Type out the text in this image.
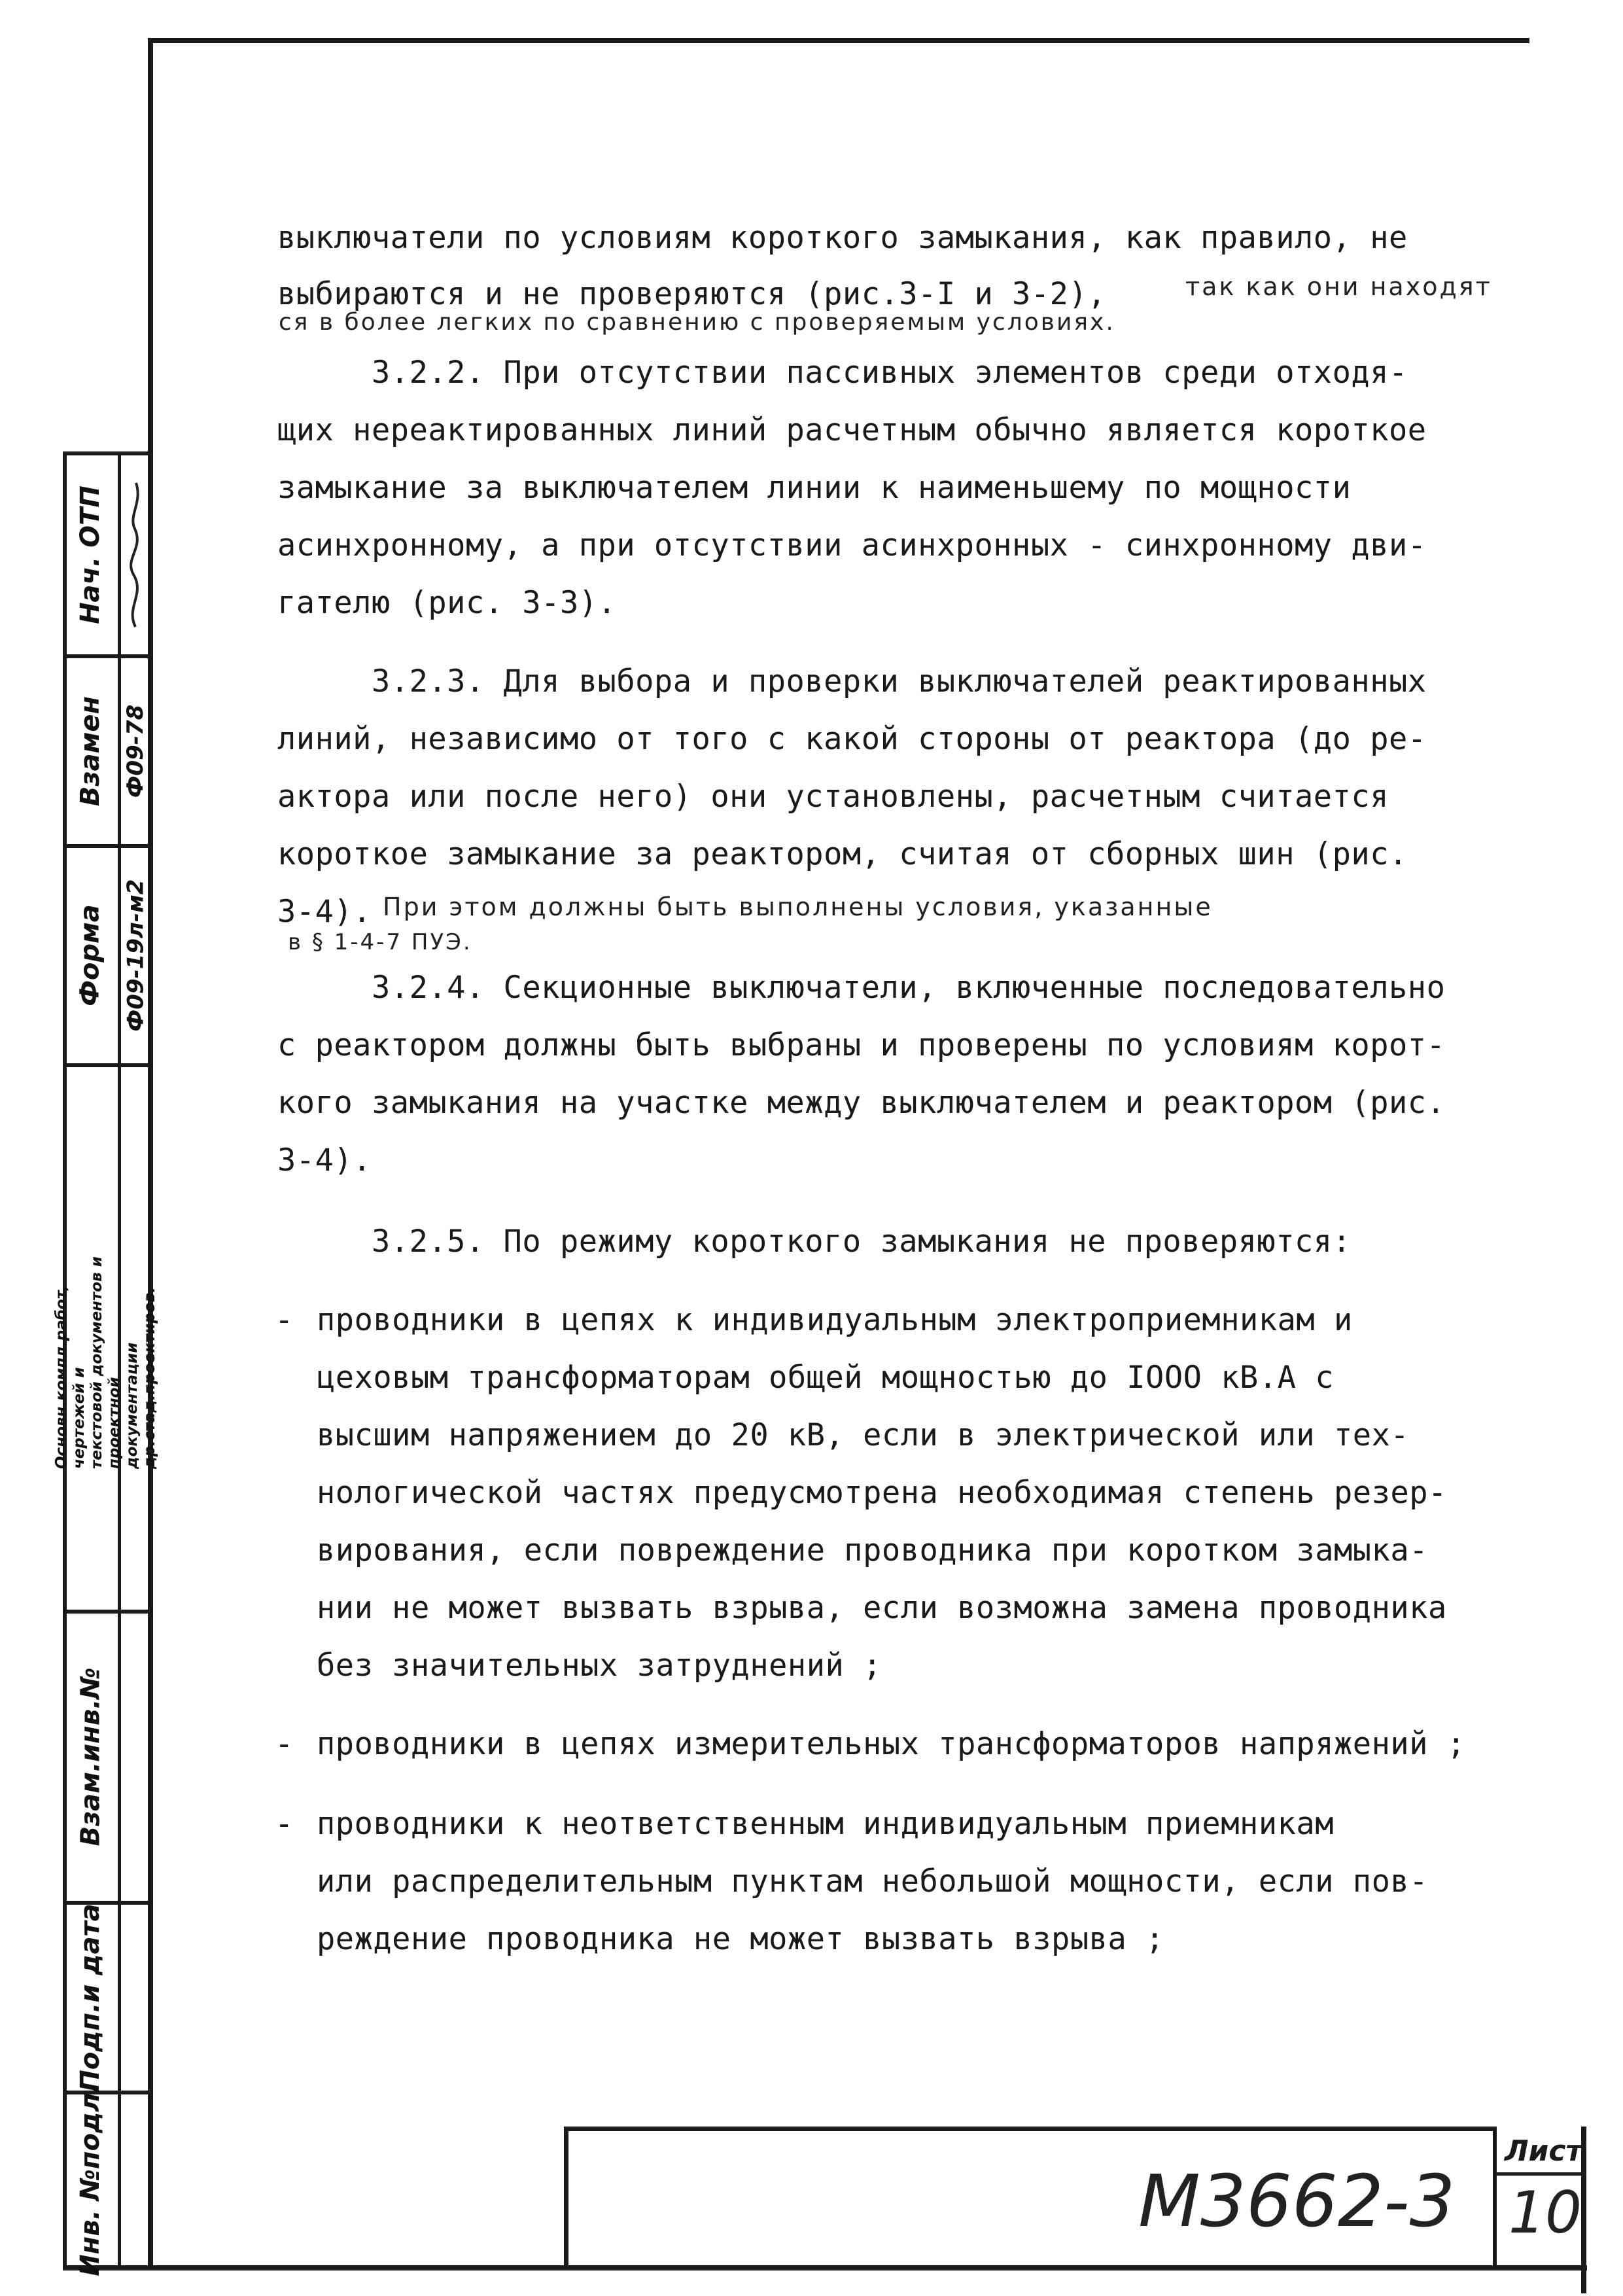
Инв. №подл.
Подп.и дата
Взам.инв.№
Основн.компл.работ, чертежей и текстовой документов и проектной документации др.стад.проектиров.
Форма Ф09-19л-м2
Взамен Ф09-78
Нач. ОТП
выключатели по условиям короткого замыкания, как правило, не
выбираются и не проверяются (рис.3-I и 3-2),	так как они находят
ся в более легких по сравнению с проверяемым условиях.
3.2.2. При отсутствии пассивных элементов среди отходя-
щих нереактированных линий расчетным обычно является короткое
замыкание за выключателем линии к наименьшему по мощности
асинхронному, а при отсутствии асинхронных - синхронному дви-
гателю (рис. 3-3).
3.2.3. Для выбора и проверки выключателей реактированных
линий, независимо от того с какой стороны от реактора (до ре-
актора или после него) они установлены, расчетным считается
короткое замыкание за реактором, считая от сборных шин (рис.
3-4). При этом должны быть выполнены условия, указанные
в § 1-4-7 ПУЭ.
3.2.4. Секционные выключатели, включенные последовательно
с реактором должны быть выбраны и проверены по условиям корот-
кого замыкания на участке между выключателем и реактором (рис.
3-4).
3.2.5. По режиму короткого замыкания не проверяются:
- проводники в цепях к индивидуальным электроприемникам и
цеховым трансформаторам общей мощностью до IOOO кВ.А с
высшим напряжением до 20 кВ, если в электрической или тех-
нологической частях предусмотрена необходимая степень резер-
вирования, если повреждение проводника при коротком замыка-
нии не может вызвать взрыва, если возможна замена проводника
без значительных затруднений ;
- проводники в цепях измерительных трансформаторов напряжений ;
- проводники к неответственным индивидуальным приемникам
или распределительным пунктам небольшой мощности, если пов-
реждение проводника не может вызвать взрыва ;
М3662-3
Лист
10
